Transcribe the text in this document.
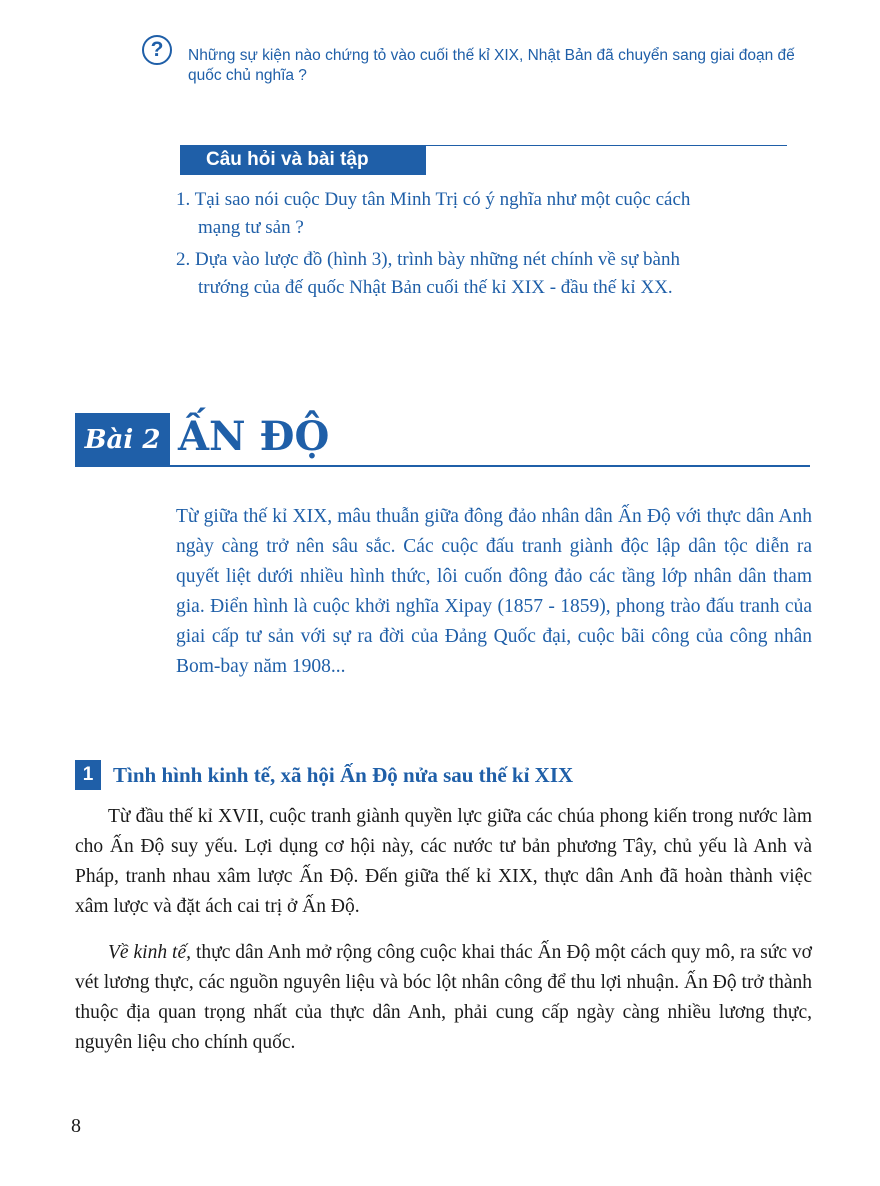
?	Những sự kiện nào chứng tỏ vào cuối thế kỉ XIX, Nhật Bản đã chuyển sang giai đoạn đế quốc chủ nghĩa ?
Câu hỏi và bài tập
1. Tại sao nói cuộc Duy tân Minh Trị có ý nghĩa như một cuộc cách
mạng tư sản ?
2. Dựa vào lược đồ (hình 3), trình bày những nét chính về sự bành
trướng của đế quốc Nhật Bản cuối thế kỉ XIX - đầu thế kỉ XX.
Bài 2 ẤN ĐỘ
Từ giữa thế kỉ XIX, mâu thuẫn giữa đông đảo nhân dân Ấn Độ với thực dân Anh ngày càng trở nên sâu sắc. Các cuộc đấu tranh giành độc lập dân tộc diễn ra quyết liệt dưới nhiều hình thức, lôi cuốn đông đảo các tầng lớp nhân dân tham gia. Điển hình là cuộc khởi nghĩa Xipay (1857 - 1859), phong trào đấu tranh của giai cấp tư sản với sự ra đời của Đảng Quốc đại, cuộc bãi công của công nhân Bom-bay năm 1908...
1 Tình hình kinh tế, xã hội Ấn Độ nửa sau thế kỉ XIX
Từ đầu thế kỉ XVII, cuộc tranh giành quyền lực giữa các chúa phong kiến trong nước làm cho Ấn Độ suy yếu. Lợi dụng cơ hội này, các nước tư bản phương Tây, chủ yếu là Anh và Pháp, tranh nhau xâm lược Ấn Độ. Đến giữa thế kỉ XIX, thực dân Anh đã hoàn thành việc xâm lược và đặt ách cai trị ở Ấn Độ.
Về kinh tế, thực dân Anh mở rộng công cuộc khai thác Ấn Độ một cách quy mô, ra sức vơ vét lương thực, các nguồn nguyên liệu và bóc lột nhân công để thu lợi nhuận. Ấn Độ trở thành thuộc địa quan trọng nhất của thực dân Anh, phải cung cấp ngày càng nhiều lương thực, nguyên liệu cho chính quốc.
8
